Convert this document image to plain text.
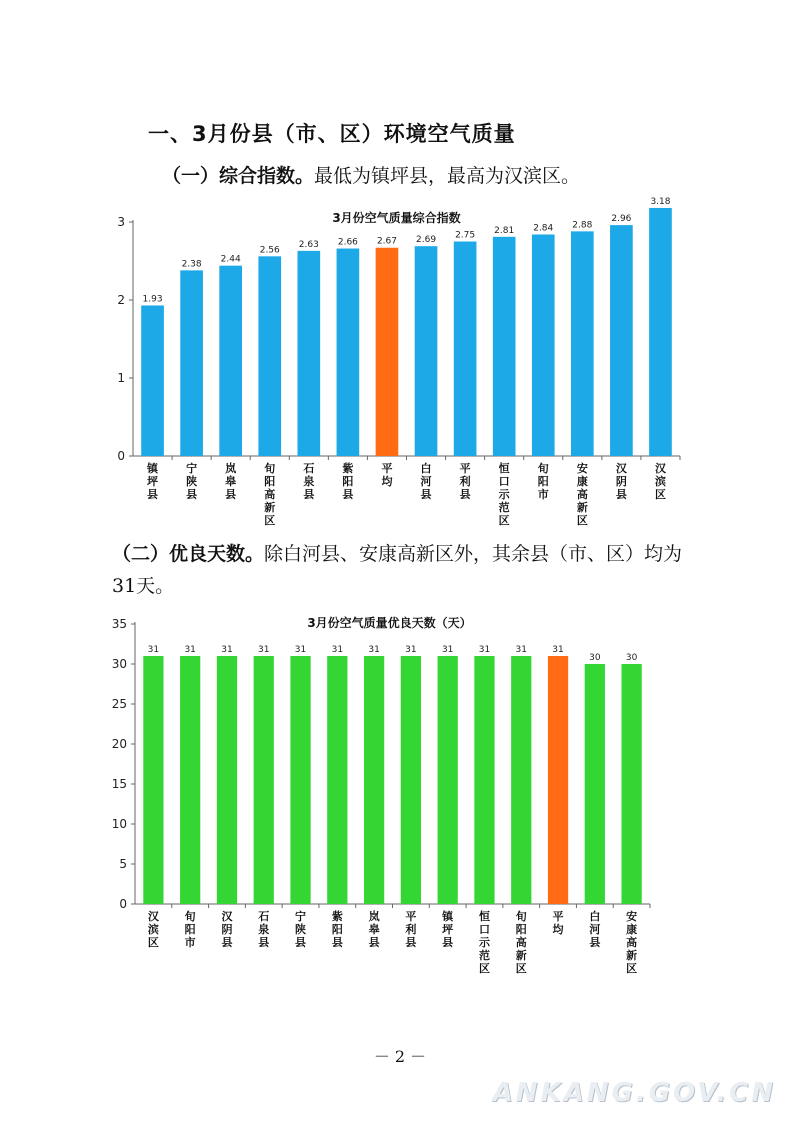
一、3月份县（市、区）环境空气质量
（一）综合指数。最低为镇坪县，最高为汉滨区。
0
1
2
3	3月份空气质量综合指数
1.93
镇坪县
2.38
宁陕县
2.44
岚皋县
2.56
旬阳高新区
2.63
石泉县
2.66
紫阳县
2.67
平均
2.69
白河县
2.75
平利县
2.81
恒口示范区
2.84
旬阳市
2.88
安康高新区
2.96
汉阴县
3.18
汉滨区
（二）优良天数。除白河县、安康高新区外，其余县（市、区）均为 31天。
0
5
10
15
20
25
30
35	3月份空气质量优良天数（天）
31
汉滨区
31
旬阳市
31
汉阴县
31
石泉县
31
宁陕县
31
紫阳县
31
岚皋县
31
平利县
31
镇坪县
31
恒口示范区
31
旬阳高新区
31
平均
30
白河县
30
安康高新区
－ 2 －
ANKANG.GOV.CN
